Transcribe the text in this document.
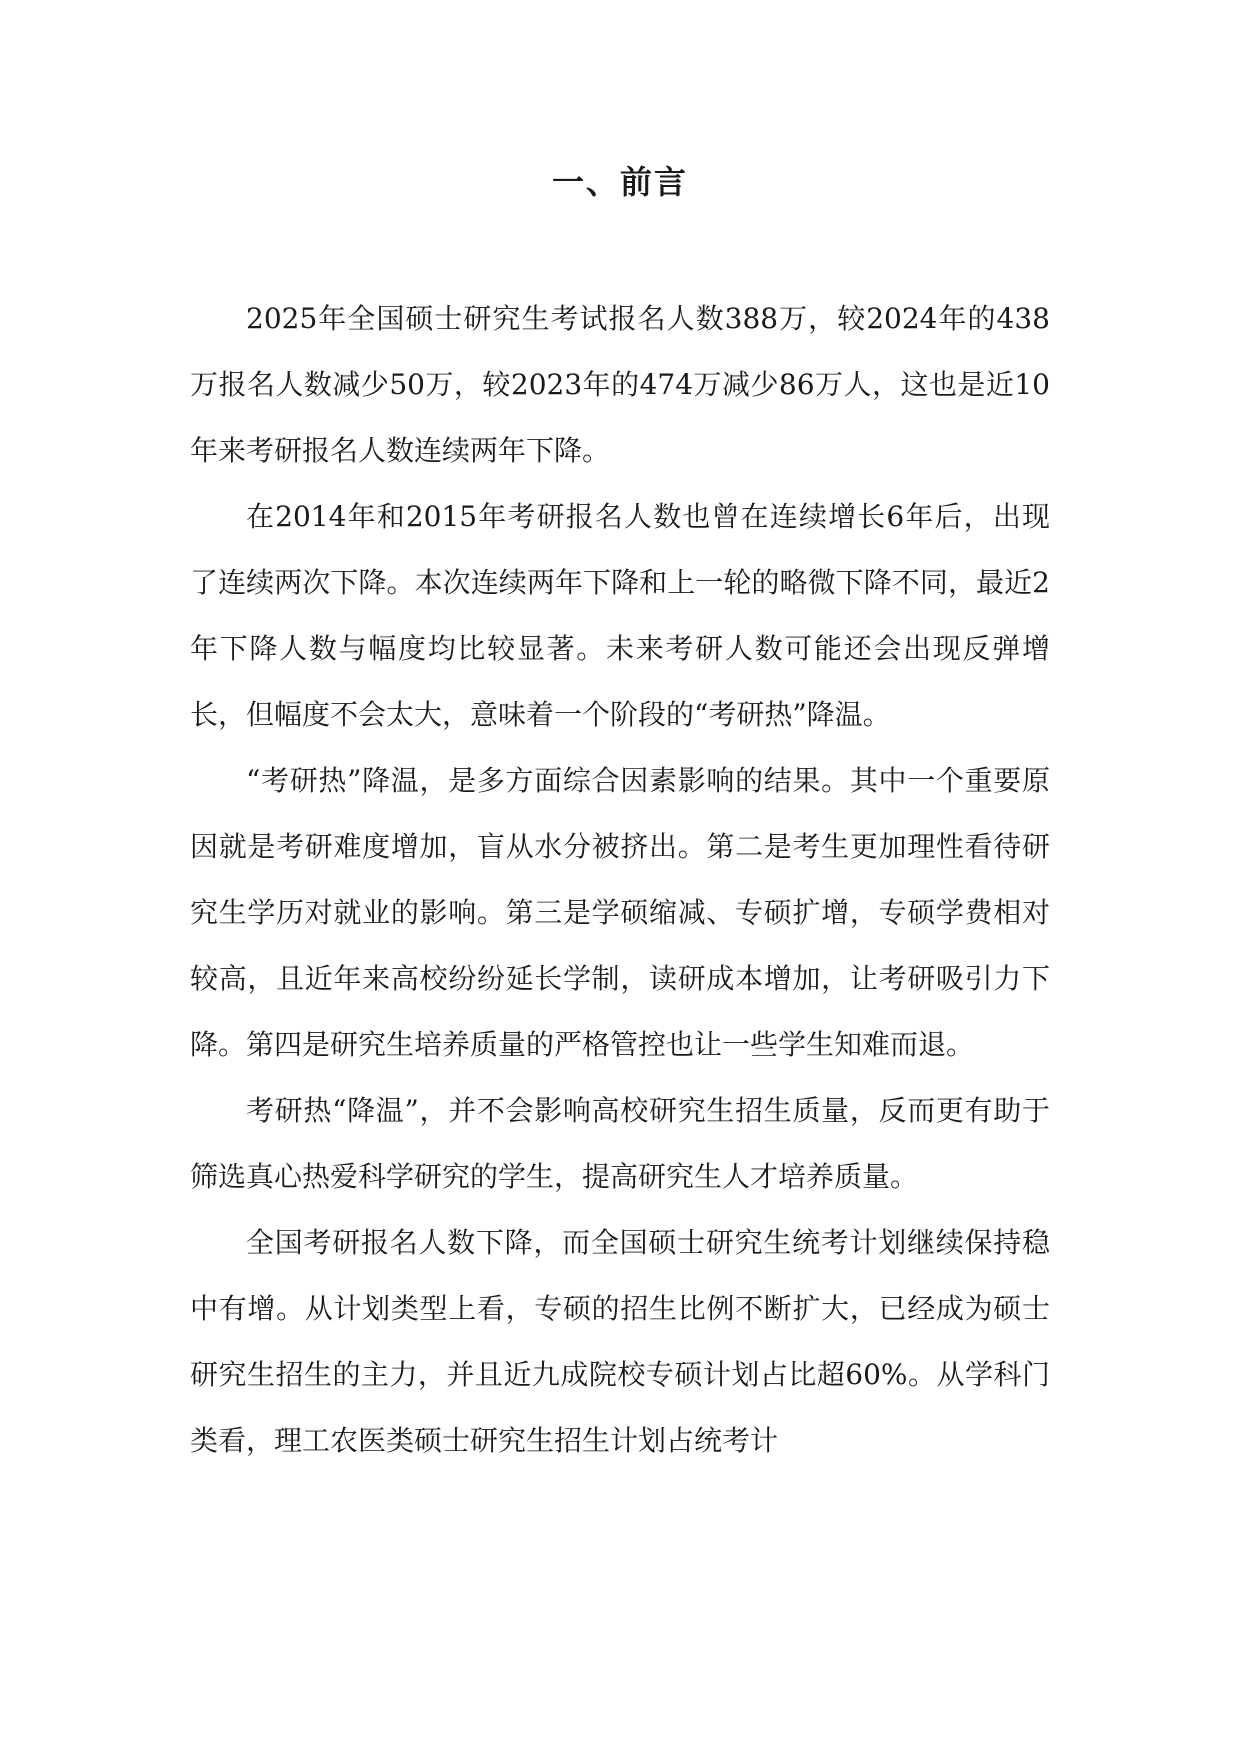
一、前言

2025年全国硕士研究生考试报名人数388万，较2024年的438万报名人数减少50万，较2023年的474万减少86万人，这也是近10年来考研报名人数连续两年下降。

在2014年和2015年考研报名人数也曾在连续增长6年后，出现了连续两次下降。本次连续两年下降和上一轮的略微下降不同，最近2年下降人数与幅度均比较显著。未来考研人数可能还会出现反弹增长，但幅度不会太大，意味着一个阶段的“考研热”降温。

“考研热”降温，是多方面综合因素影响的结果。其中一个重要原因就是考研难度增加，盲从水分被挤出。第二是考生更加理性看待研究生学历对就业的影响。第三是学硕缩减、专硕扩增，专硕学费相对较高，且近年来高校纷纷延长学制，读研成本增加，让考研吸引力下降。第四是研究生培养质量的严格管控也让一些学生知难而退。

考研热“降温”，并不会影响高校研究生招生质量，反而更有助于筛选真心热爱科学研究的学生，提高研究生人才培养质量。

全国考研报名人数下降，而全国硕士研究生统考计划继续保持稳中有增。从计划类型上看，专硕的招生比例不断扩大，已经成为硕士研究生招生的主力，并且近九成院校专硕计划占比超60%。从学科门类看，理工农医类硕士研究生招生计划占统考计
